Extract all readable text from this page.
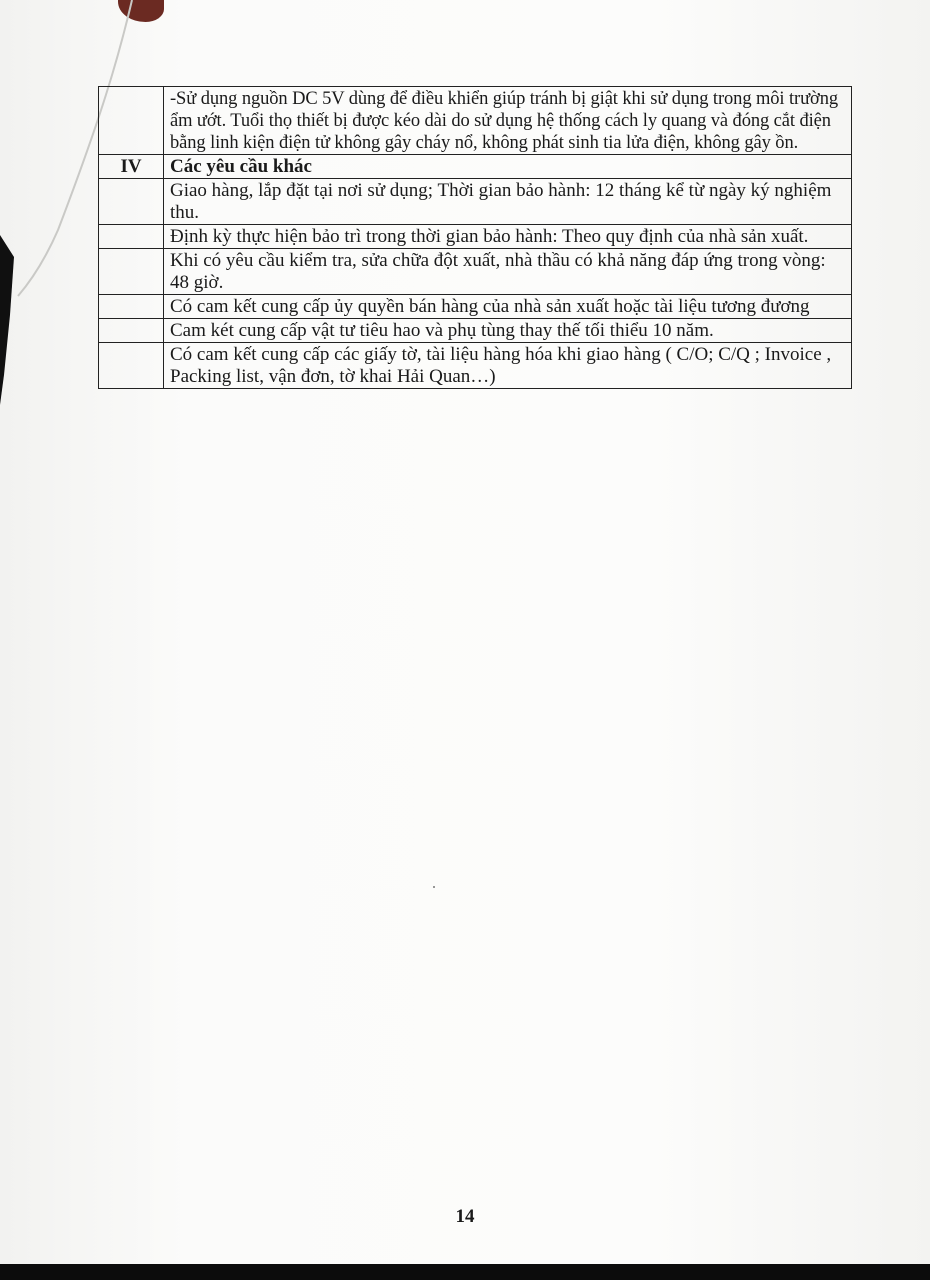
	-Sử dụng nguồn DC 5V dùng để điều khiển giúp tránh bị giật khi sử dụng trong môi trường ẩm ướt. Tuổi thọ thiết bị được kéo dài do sử dụng hệ thống cách ly quang và đóng cắt điện bằng linh kiện điện tử không gây cháy nổ, không phát sinh tia lửa điện, không gây ồn.
IV	Các yêu cầu khác
	Giao hàng, lắp đặt tại nơi sử dụng; Thời gian bảo hành: 12 tháng kể từ ngày ký nghiệm thu.
	Định kỳ thực hiện bảo trì trong thời gian bảo hành: Theo quy định của nhà sản xuất.
	Khi có yêu cầu kiểm tra, sửa chữa đột xuất, nhà thầu có khả năng đáp ứng trong vòng: 48 giờ.
	Có cam kết cung cấp ủy quyền bán hàng của nhà sản xuất hoặc tài liệu tương đương
	Cam két cung cấp vật tư tiêu hao và phụ tùng thay thế tối thiểu 10 năm.
	Có cam kết cung cấp các giấy tờ, tài liệu hàng hóa khi giao hàng ( C/O; C/Q ; Invoice , Packing list, vận đơn, tờ khai Hải Quan…)
14
